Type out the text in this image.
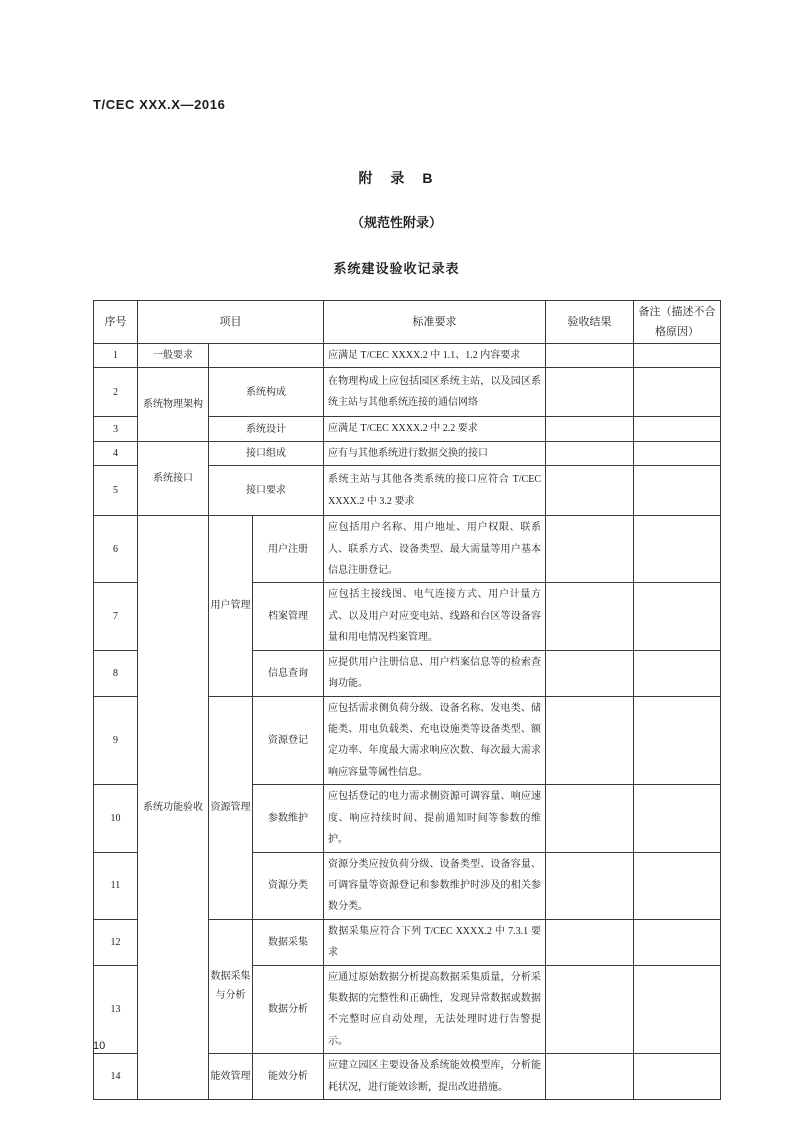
T/CEC XXX.X—2016
附　录　B
（规范性附录）
系统建设验收记录表
序号	项目			标准要求	验收结果	备注（描述不合格原因）
1	一般要求			应满足 T/CEC XXXX.2 中 1.1、1.2 内容要求		
2	系统物理架构	系统构成		在物理构成上应包括园区系统主站，以及园区系统主站与其他系统连接的通信网络		
3		系统设计		应满足 T/CEC XXXX.2 中 2.2 要求		
4	系统接口	接口组成		应有与其他系统进行数据交换的接口		
5		接口要求		系统主站与其他各类系统的接口应符合 T/CEC XXXX.2 中 3.2 要求		
6	系统功能验收	用户管理	用户注册	应包括用户名称、用户地址、用户权限、联系人、联系方式、设备类型、最大需量等用户基本信息注册登记。		
7			档案管理	应包括主接线图、电气连接方式、用户计量方式、以及用户对应变电站、线路和台区等设备容量和用电情况档案管理。		
8			信息查询	应提供用户注册信息、用户档案信息等的检索查询功能。		
9		资源管理	资源登记	应包括需求侧负荷分级、设备名称、发电类、储能类、用电负载类、充电设施类等设备类型、额定功率、年度最大需求响应次数、每次最大需求响应容量等属性信息。		
10			参数维护	应包括登记的电力需求侧资源可调容量、响应速度、响应持续时间、提前通知时间等参数的维护。		
11			资源分类	资源分类应按负荷分级、设备类型、设备容量、可调容量等资源登记和参数维护时涉及的相关参数分类。		
12		数据采集与分析	数据采集	数据采集应符合下列 T/CEC XXXX.2 中 7.3.1 要求		
13			数据分析	应通过原始数据分析提高数据采集质量，分析采集数据的完整性和正确性，发现异常数据或数据不完整时应自动处理，无法处理时进行告警提示。		
14		能效管理	能效分析	应建立园区主要设备及系统能效模型库，分析能耗状况，进行能效诊断，提出改进措施。		
10
